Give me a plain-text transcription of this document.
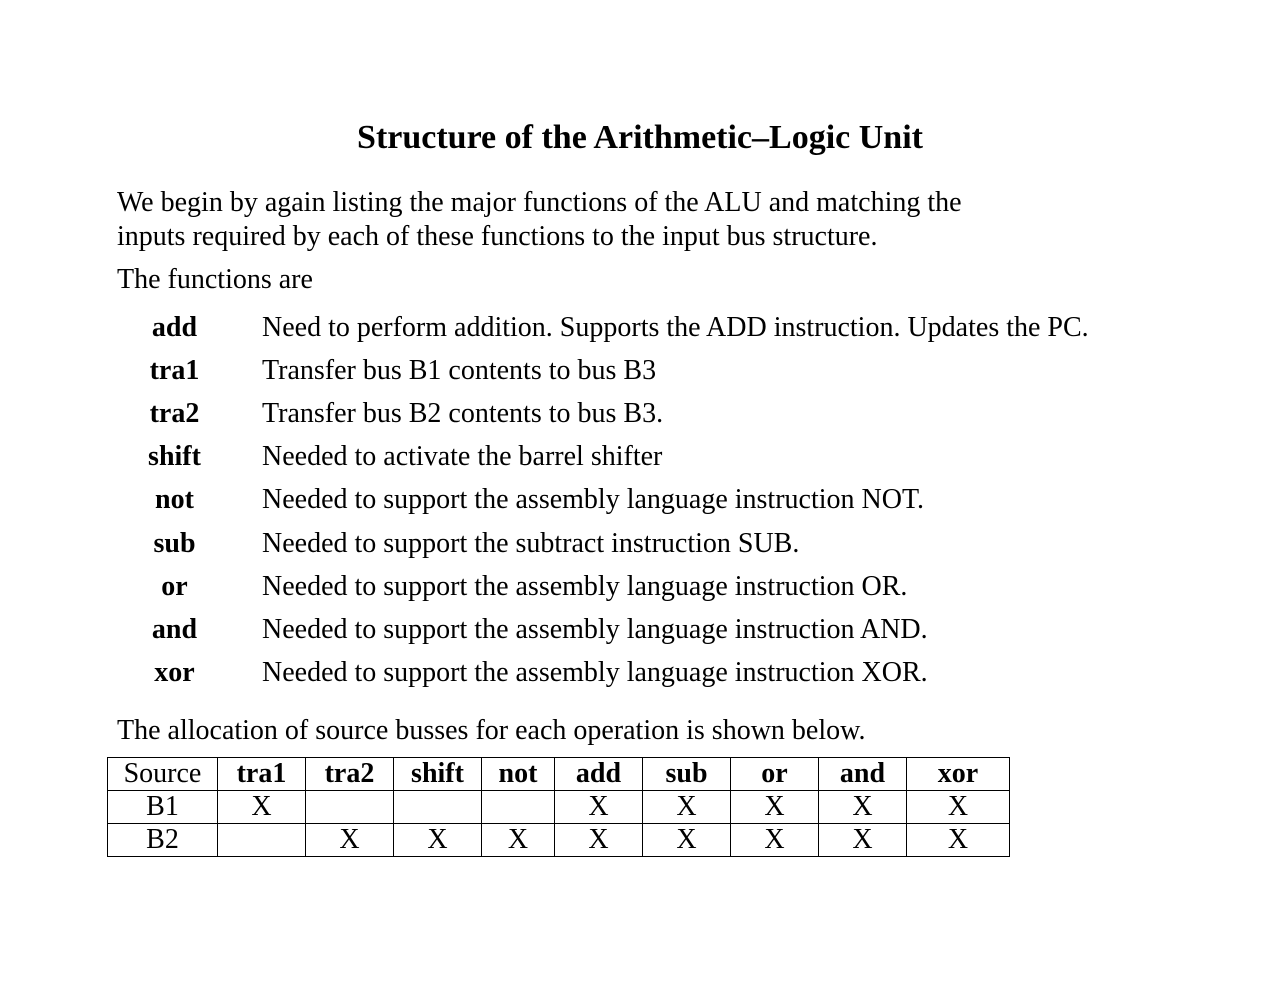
Structure of the Arithmetic–Logic Unit
We begin by again listing the major functions of the ALU and matching the
inputs required by each of these functions to the input bus structure.
The functions are
add	Need to perform addition. Supports the ADD instruction. Updates the PC.
tra1	Transfer bus B1 contents to bus B3
tra2	Transfer bus B2 contents to bus B3.
shift	Needed to activate the barrel shifter
not	Needed to support the assembly language instruction NOT.
sub	Needed to support the subtract instruction SUB.
or	Needed to support the assembly language instruction OR.
and	Needed to support the assembly language instruction AND.
xor	Needed to support the assembly language instruction XOR.
The allocation of source busses for each operation is shown below.
Source	tra1	tra2	shift	not	add	sub	or	and	xor
B1	X				X	X	X	X	X
B2		X	X	X	X	X	X	X	X
